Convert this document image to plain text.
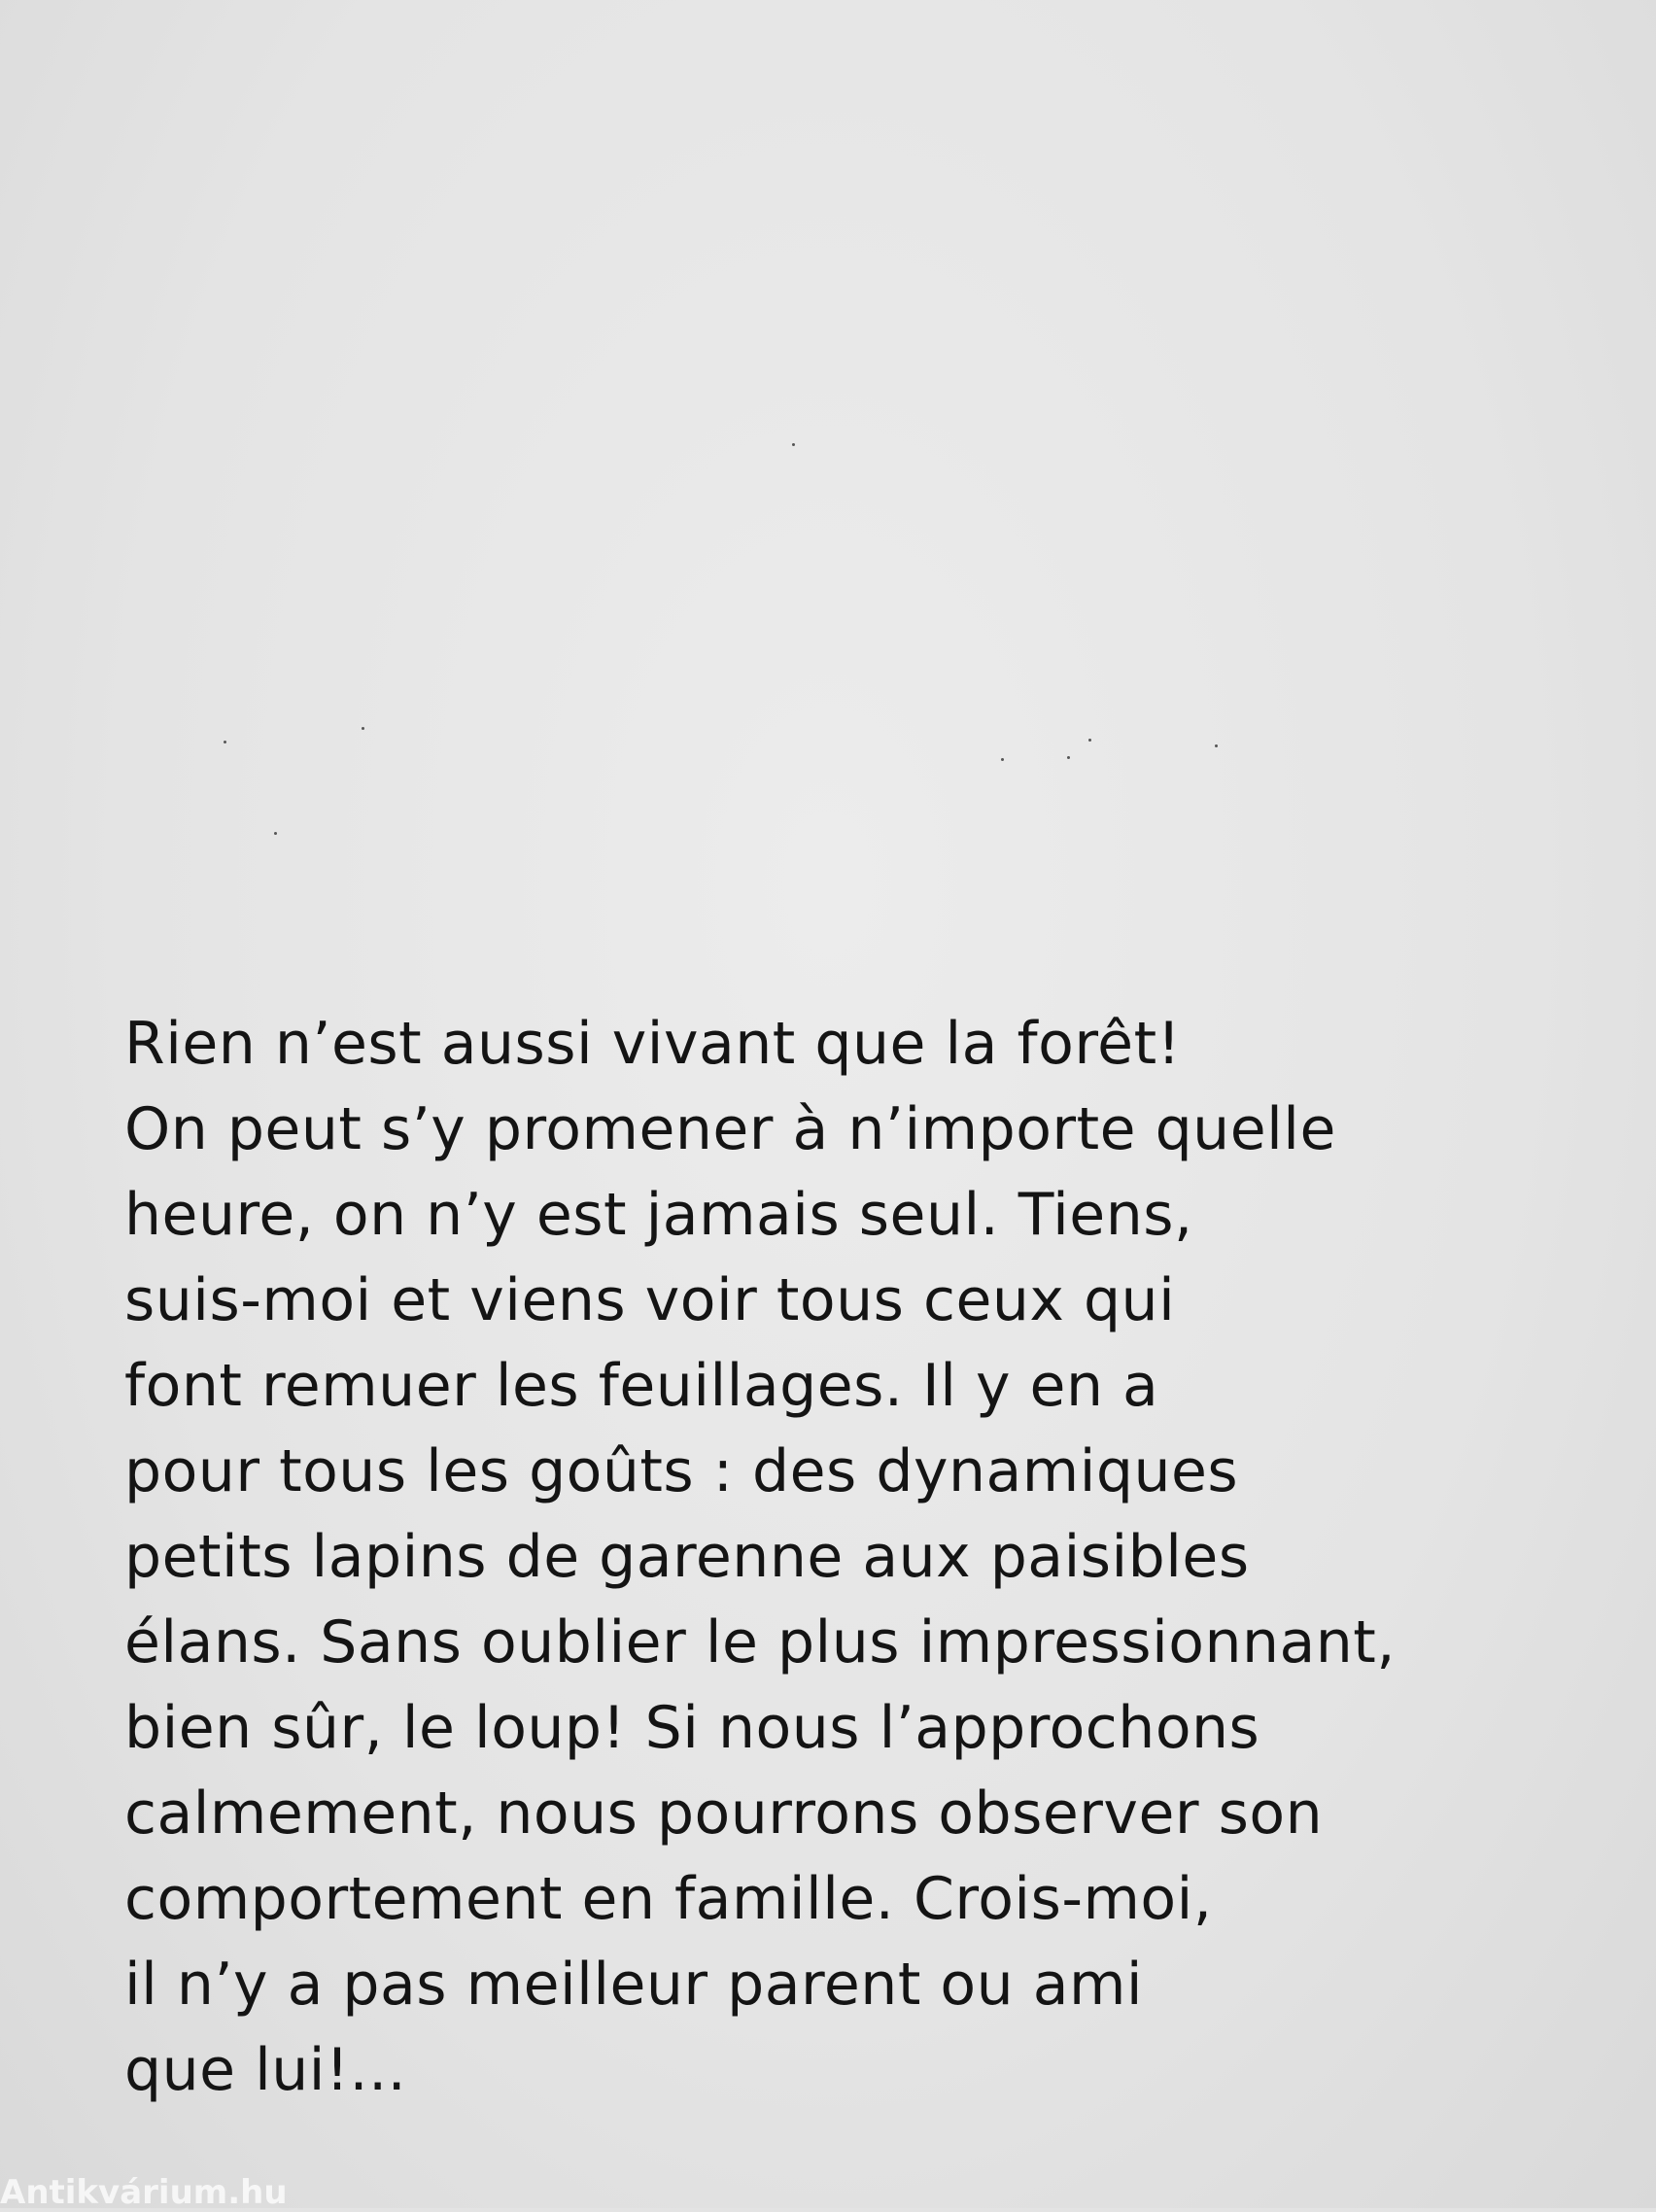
Rien n’est aussi vivant que la forêt!
On peut s’y promener à n’importe quelle
heure, on n’y est jamais seul. Tiens,
suis-moi et viens voir tous ceux qui
font remuer les feuillages. Il y en a
pour tous les goûts : des dynamiques
petits lapins de garenne aux paisibles
élans. Sans oublier le plus impressionnant,
bien sûr, le loup! Si nous l’approchons
calmement, nous pourrons observer son
comportement en famille. Crois-moi,
il n’y a pas meilleur parent ou ami
que lui!...
Antikvárium.hu
